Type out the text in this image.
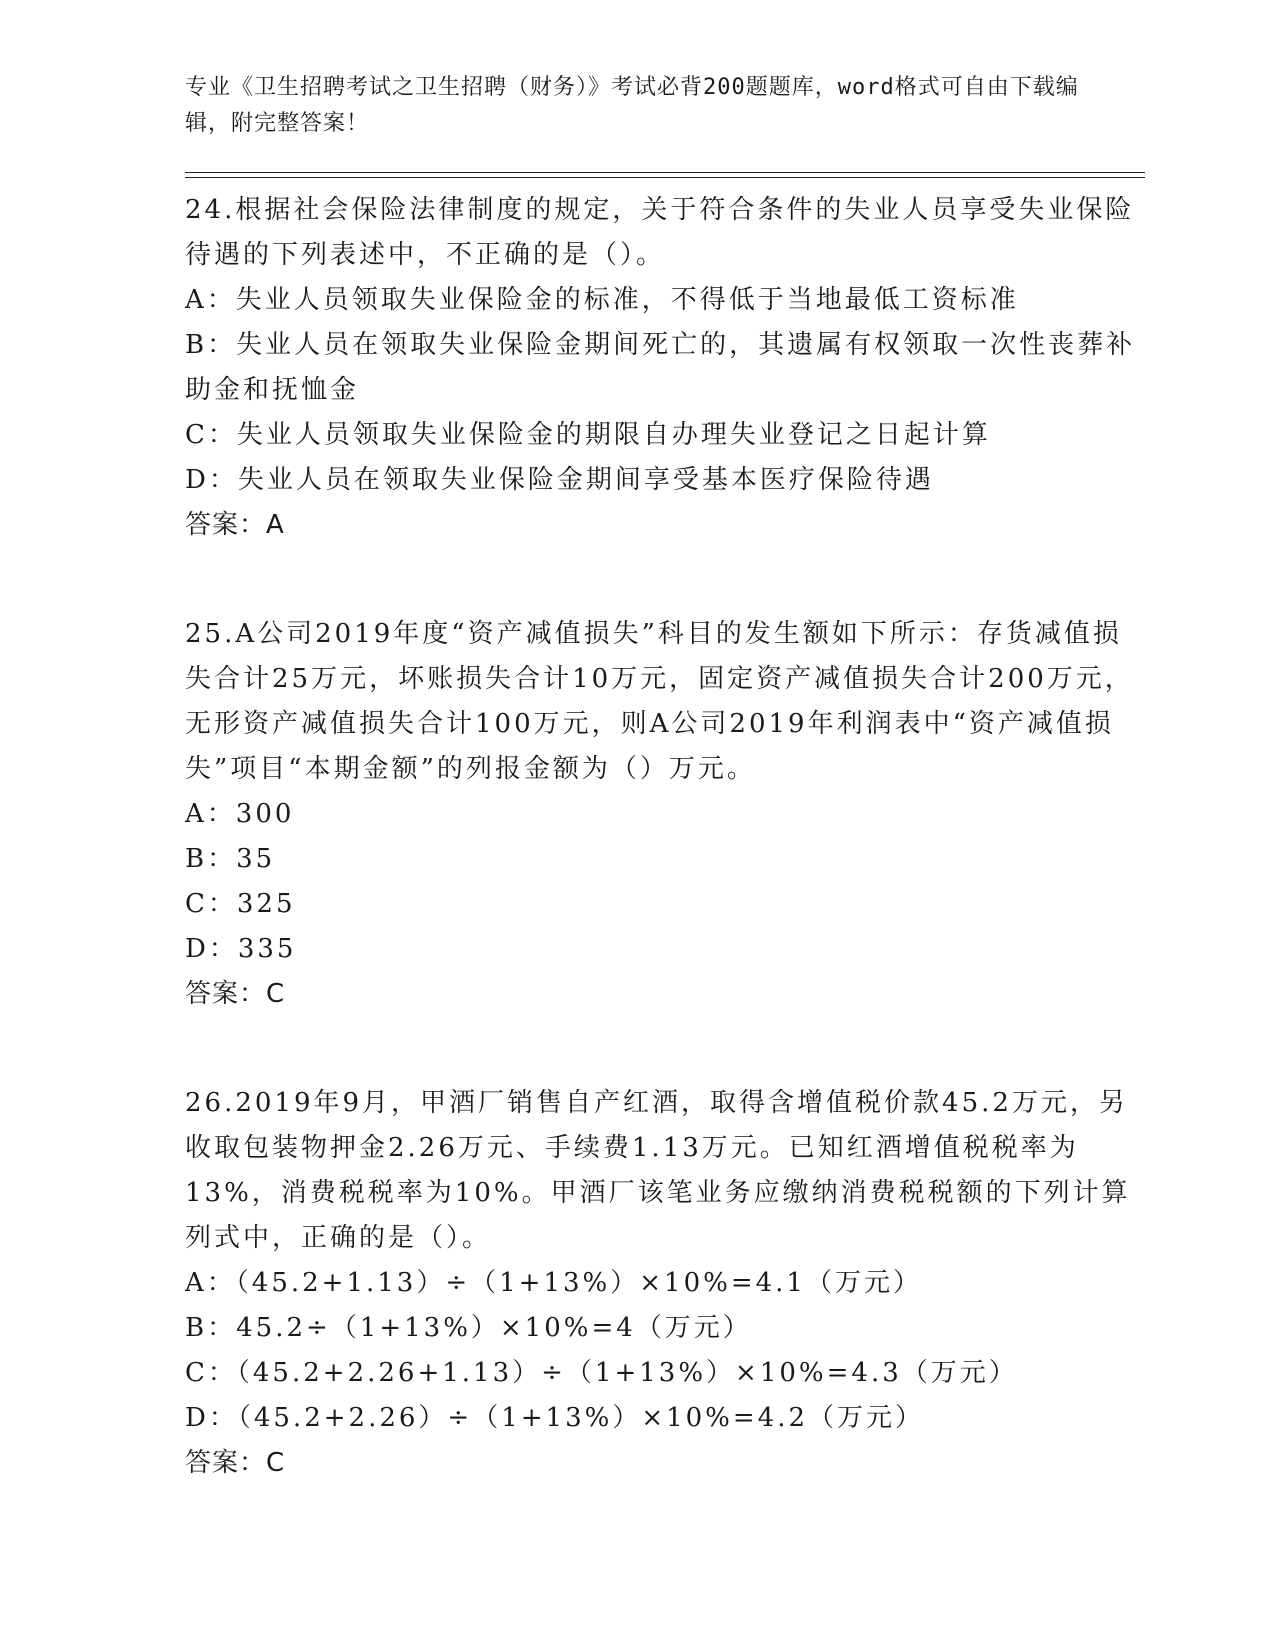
专业《卫生招聘考试之卫生招聘（财务）》考试必背200题题库，word格式可自由下载编辑，附完整答案！

24.根据社会保险法律制度的规定，关于符合条件的失业人员享受失业保险待遇的下列表述中，不正确的是（）。

A：失业人员领取失业保险金的标准，不得低于当地最低工资标准

B：失业人员在领取失业保险金期间死亡的，其遗属有权领取一次性丧葬补助金和抚恤金

C：失业人员领取失业保险金的期限自办理失业登记之日起计算

D：失业人员在领取失业保险金期间享受基本医疗保险待遇

答案：A

25.A公司2019年度“资产减值损失”科目的发生额如下所示：存货减值损失合计25万元，坏账损失合计10万元，固定资产减值损失合计200万元，无形资产减值损失合计100万元，则A公司2019年利润表中“资产减值损失”项目“本期金额”的列报金额为（）万元。

A：300

B：35

C：325

D：335

答案：C

26.2019年9月，甲酒厂销售自产红酒，取得含增值税价款45.2万元，另收取包装物押金2.26万元、手续费1.13万元。已知红酒增值税税率为13%，消费税税率为10%。甲酒厂该笔业务应缴纳消费税税额的下列计算列式中，正确的是（）。

A：（45.2+1.13）÷（1+13%）×10%=4.1（万元）

B：45.2÷（1+13%）×10%=4（万元）

C：（45.2+2.26+1.13）÷（1+13%）×10%=4.3（万元）

D：（45.2+2.26）÷（1+13%）×10%=4.2（万元）

答案：C
